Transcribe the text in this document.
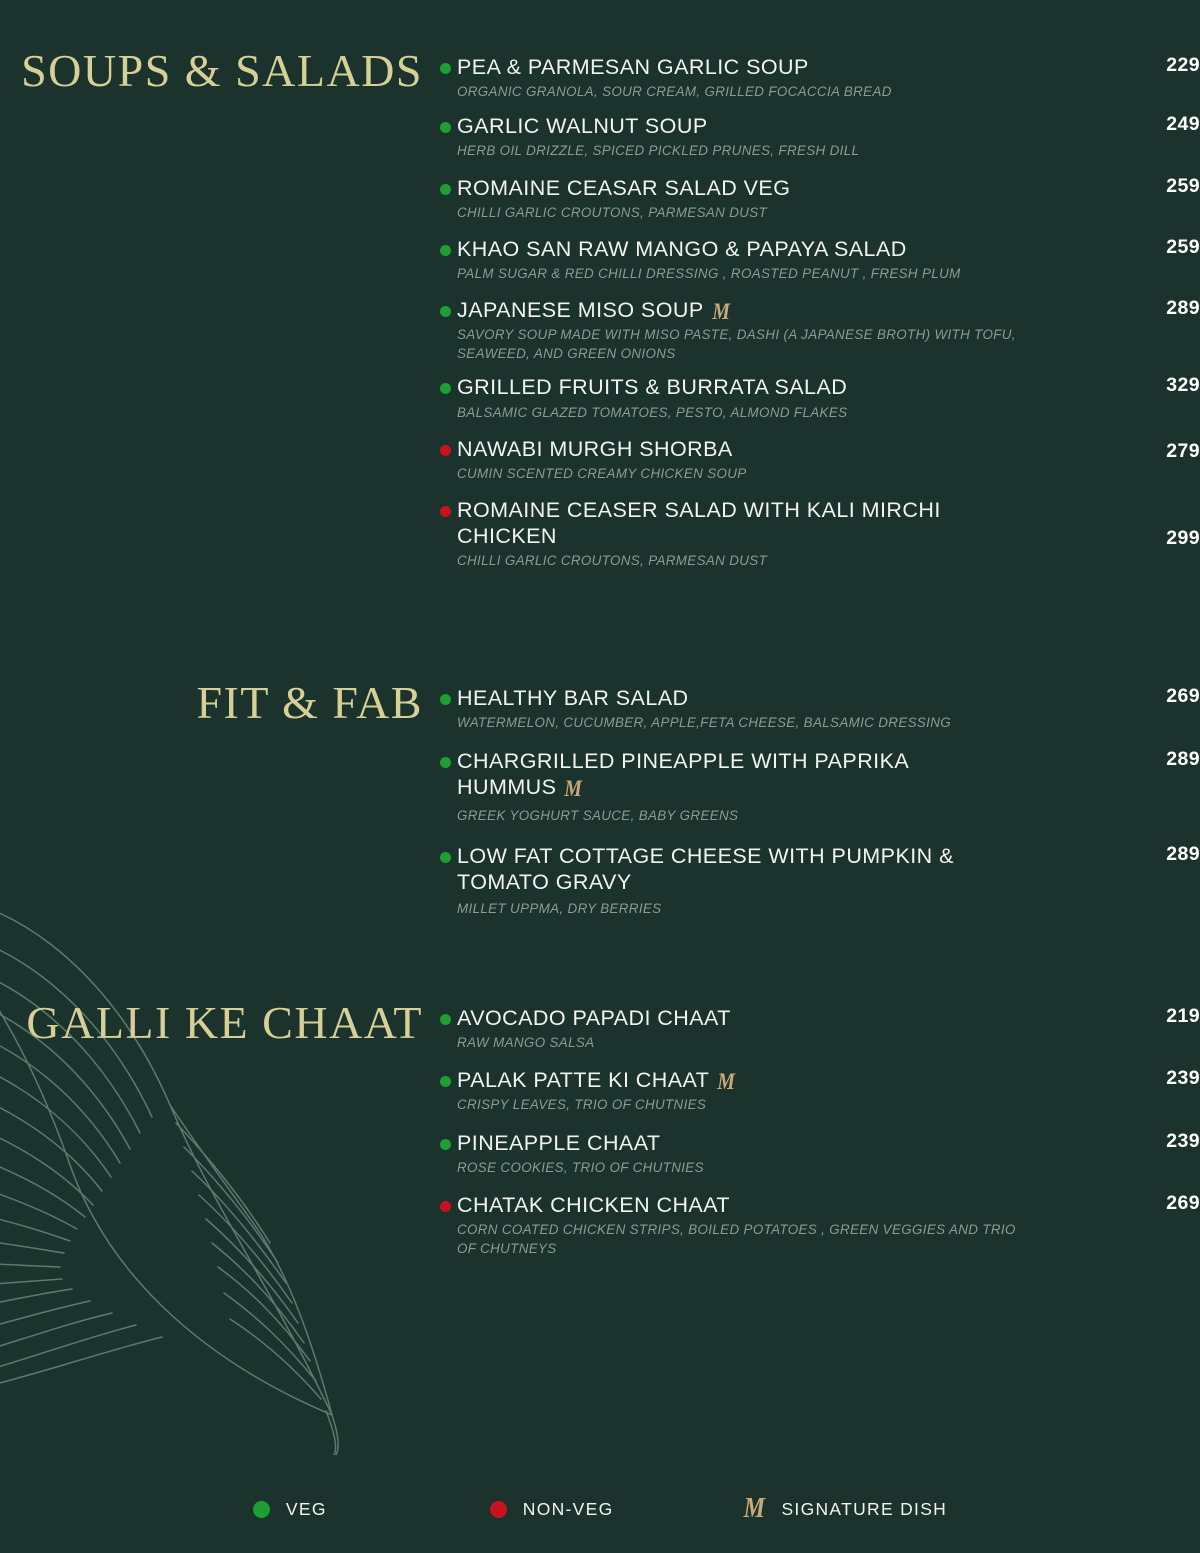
SOUPS & SALADS	PEA & PARMESAN GARLIC SOUP
ORGANIC GRANOLA, SOUR CREAM, GRILLED FOCACCIA BREAD
229
GARLIC WALNUT SOUP
HERB OIL DRIZZLE, SPICED PICKLED PRUNES, FRESH DILL
249
ROMAINE CEASAR SALAD VEG
CHILLI GARLIC CROUTONS, PARMESAN DUST
259
KHAO SAN RAW MANGO & PAPAYA SALAD
PALM SUGAR & RED CHILLI DRESSING , ROASTED PEANUT , FRESH PLUM
259
JAPANESE MISO SOUP M
SAVORY SOUP MADE WITH MISO PASTE, DASHI (A JAPANESE BROTH) WITH TOFU, SEAWEED, AND GREEN ONIONS
289
GRILLED FRUITS & BURRATA SALAD
BALSAMIC GLAZED TOMATOES, PESTO, ALMOND FLAKES
329
NAWABI MURGH SHORBA
CUMIN SCENTED CREAMY CHICKEN SOUP
279
ROMAINE CEASER SALAD WITH KALI MIRCHI CHICKEN
CHILLI GARLIC CROUTONS, PARMESAN DUST
299
FIT & FAB	HEALTHY BAR SALAD
WATERMELON, CUCUMBER, APPLE,FETA CHEESE, BALSAMIC DRESSING
269
CHARGRILLED PINEAPPLE WITH PAPRIKA HUMMUS M
GREEK YOGHURT SAUCE, BABY GREENS
289
LOW FAT COTTAGE CHEESE WITH PUMPKIN & TOMATO GRAVY
MILLET UPPMA, DRY BERRIES
289
GALLI KE CHAAT	AVOCADO PAPADI CHAAT
RAW MANGO SALSA
219
PALAK PATTE KI CHAAT M
CRISPY LEAVES, TRIO OF CHUTNIES
239
PINEAPPLE CHAAT
ROSE COOKIES, TRIO OF CHUTNIES
239
CHATAK CHICKEN CHAAT
CORN COATED CHICKEN STRIPS, BOILED POTATOES , GREEN VEGGIES AND TRIO OF CHUTNEYS
269
VEG	NON-VEG	M SIGNATURE DISH
